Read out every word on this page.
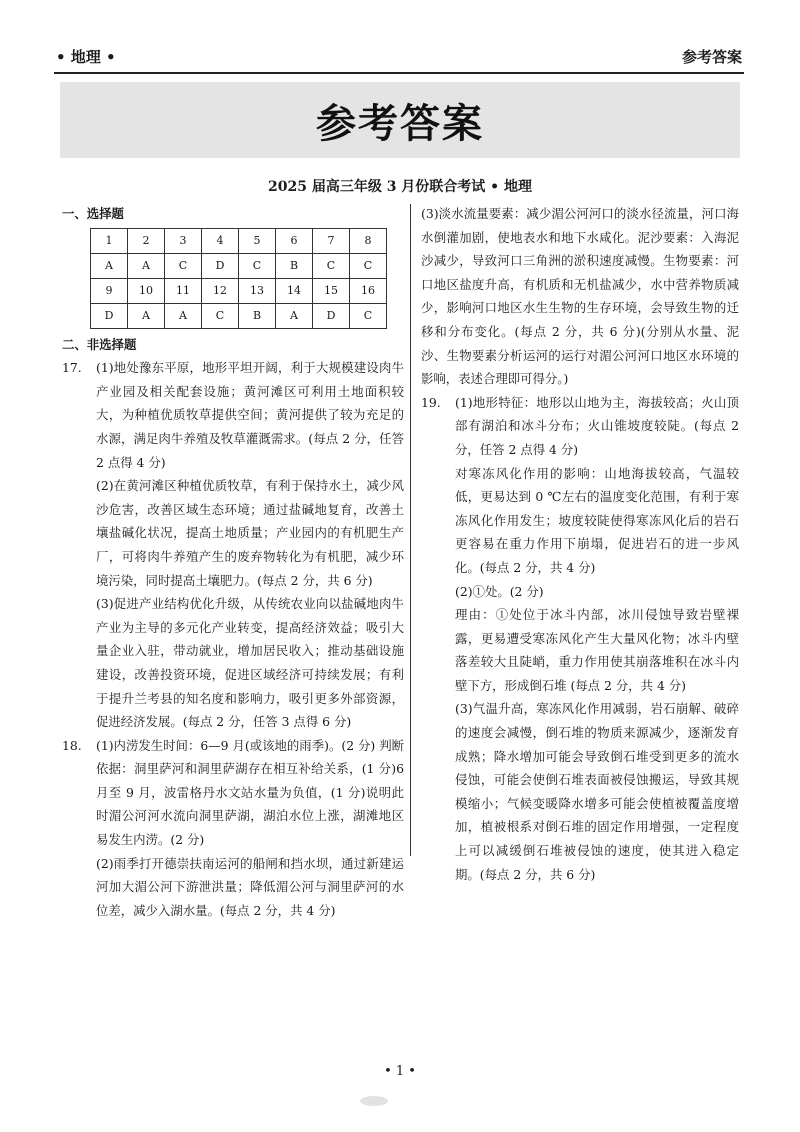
• 地理 •	参考答案
参考答案
2025 届高三年级 3 月份联合考试 • 地理
一、选择题
1	2	3	4	5	6	7	8
A	A	C	D	C	B	C	C
9	10	11	12	13	14	15	16
D	A	A	C	B	A	D	C
二、非选择题
17. (1)地处豫东平原，地形平坦开阔，利于大规模建设肉牛产业园及相关配套设施；黄河滩区可利用土地面积较大，为种植优质牧草提供空间；黄河提供了较为充足的水源，满足肉牛养殖及牧草灌溉需求。(每点 2 分，任答 2 点得 4 分)

(2)在黄河滩区种植优质牧草，有利于保持水土，减少风沙危害，改善区域生态环境；通过盐碱地复育，改善土壤盐碱化状况，提高土地质量；产业园内的有机肥生产厂，可将肉牛养殖产生的废弃物转化为有机肥，减少环境污染，同时提高土壤肥力。(每点 2 分，共 6 分)

(3)促进产业结构优化升级，从传统农业向以盐碱地肉牛产业为主导的多元化产业转变，提高经济效益；吸引大量企业入驻，带动就业，增加居民收入；推动基础设施建设，改善投资环境，促进区域经济可持续发展；有利于提升兰考县的知名度和影响力，吸引更多外部资源，促进经济发展。(每点 2 分，任答 3 点得 6 分)

18. (1)内涝发生时间：6—9 月(或该地的雨季)。(2 分) 判断依据：洞里萨河和洞里萨湖存在相互补给关系，(1 分)6 月至 9 月，波雷格丹水文站水量为负值，(1 分)说明此时湄公河河水流向洞里萨湖，湖泊水位上涨，湖滩地区易发生内涝。(2 分)

(2)雨季打开德崇扶南运河的船闸和挡水坝，通过新建运河加大湄公河下游泄洪量；降低湄公河与洞里萨河的水位差，减少入湖水量。(每点 2 分，共 4 分)

(3)淡水流量要素：减少湄公河河口的淡水径流量，河口海水倒灌加剧，使地表水和地下水咸化。泥沙要素：入海泥沙减少，导致河口三角洲的淤积速度减慢。生物要素：河口地区盐度升高，有机质和无机盐减少，水中营养物质减少，影响河口地区水生生物的生存环境，会导致生物的迁移和分布变化。(每点 2 分，共 6 分)(分别从水量、泥沙、生物要素分析运河的运行对湄公河河口地区水环境的影响，表述合理即可得分。)

19. (1)地形特征：地形以山地为主，海拔较高；火山顶部有湖泊和冰斗分布；火山锥坡度较陡。(每点 2 分，任答 2 点得 4 分)

对寒冻风化作用的影响：山地海拔较高，气温较低，更易达到 0 ℃左右的温度变化范围，有利于寒冻风化作用发生；坡度较陡使得寒冻风化后的岩石更容易在重力作用下崩塌，促进岩石的进一步风化。(每点 2 分，共 4 分)

(2)①处。(2 分)

理由：①处位于冰斗内部，冰川侵蚀导致岩壁裸露，更易遭受寒冻风化产生大量风化物；冰斗内壁落差较大且陡峭，重力作用使其崩落堆积在冰斗内壁下方，形成倒石堆 (每点 2 分，共 4 分)

(3)气温升高，寒冻风化作用减弱，岩石崩解、破碎的速度会减慢，倒石堆的物质来源减少，逐渐发育成熟；降水增加可能会导致倒石堆受到更多的流水侵蚀，可能会使倒石堆表面被侵蚀搬运，导致其规模缩小；气候变暖降水增多可能会使植被覆盖度增加，植被根系对倒石堆的固定作用增强，一定程度上可以减缓倒石堆被侵蚀的速度，使其进入稳定期。(每点 2 分，共 6 分)

• 1 •
